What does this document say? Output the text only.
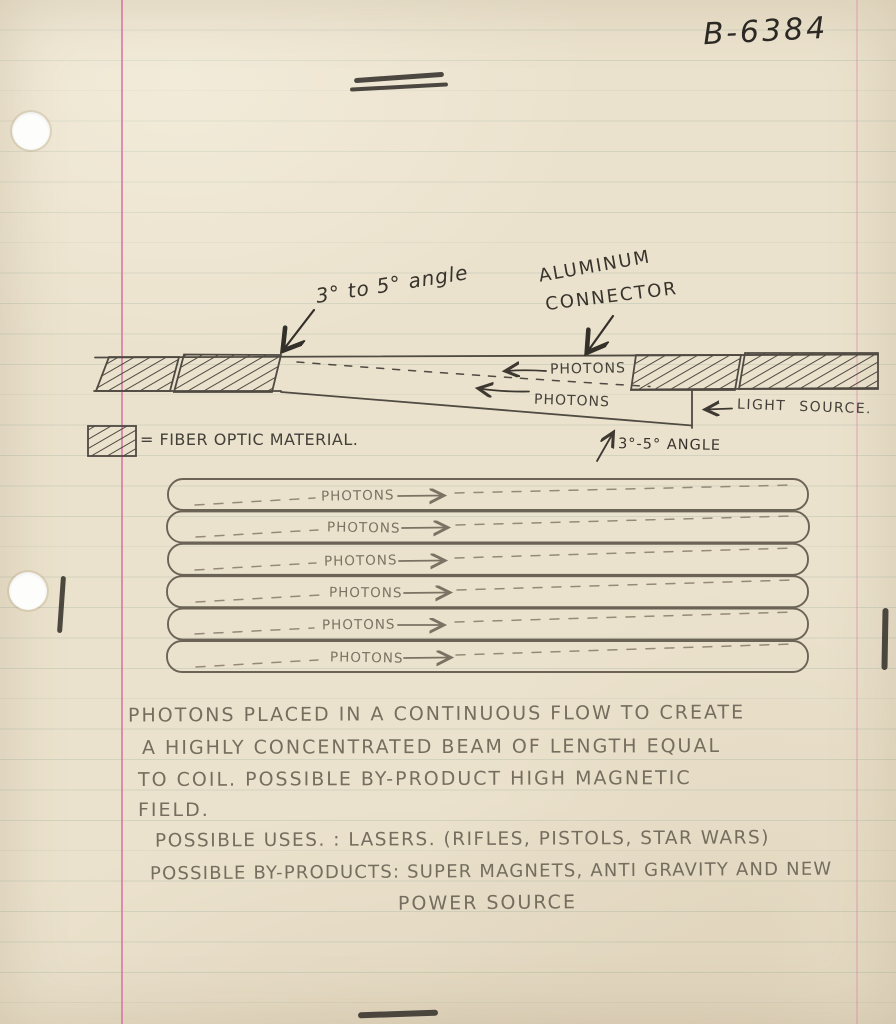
B-6384
3° to 5° angle	ALUMINUM
CONNECTOR
PHOTONS
PHOTONS	LIGHT SOURCE.
3°-5° ANGLE
= FIBER OPTIC MATERIAL.
PHOTONS
PHOTONS
PHOTONS
PHOTONS
PHOTONS
PHOTONS
PHOTONS PLACED IN A CONTINUOUS FLOW TO CREATE
A HIGHLY CONCENTRATED BEAM OF LENGTH EQUAL
TO COIL. POSSIBLE BY-PRODUCT HIGH MAGNETIC
FIELD.
POSSIBLE USES. : LASERS. (RIFLES, PISTOLS, STAR WARS)
POSSIBLE BY-PRODUCTS: SUPER MAGNETS, ANTI GRAVITY AND NEW
POWER SOURCE
